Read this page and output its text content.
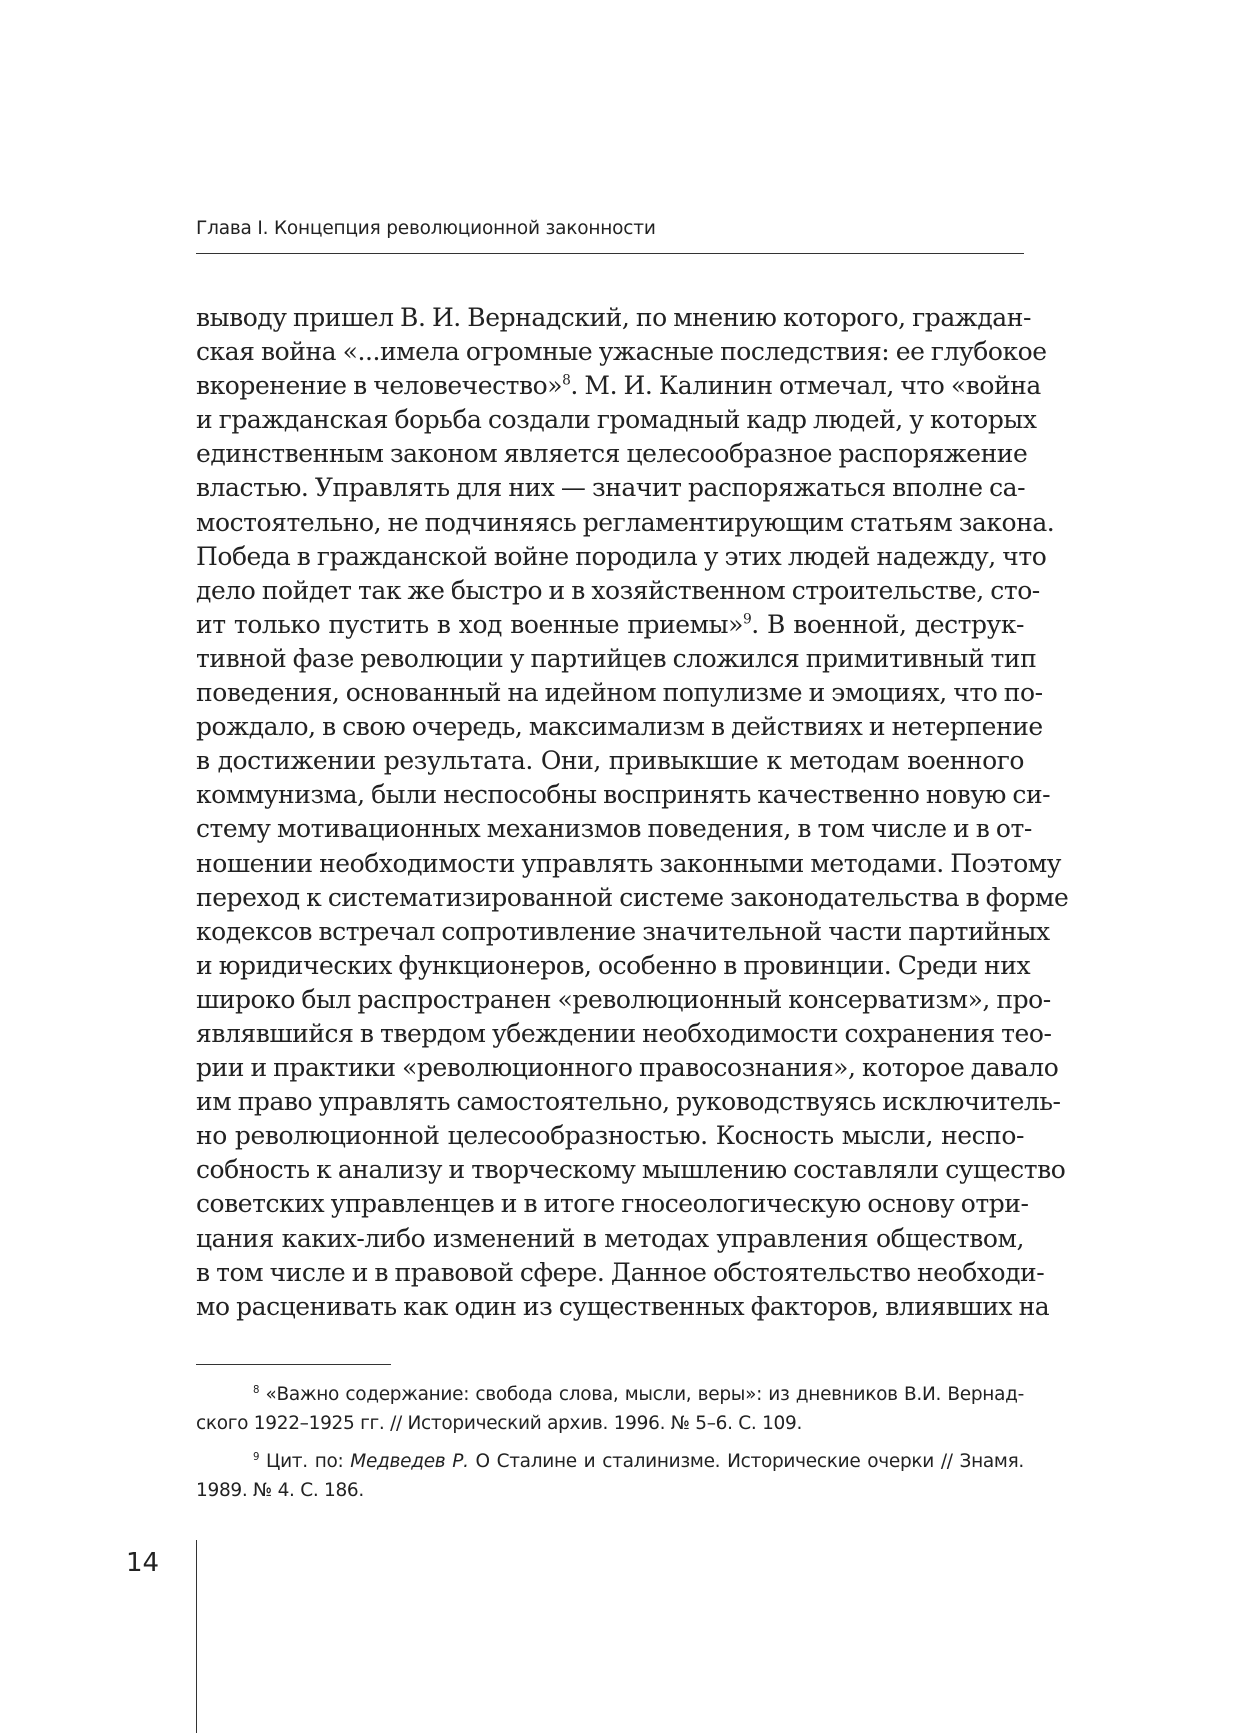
Глава I. Концепция революционной законности
выводу пришел В. И. Вернадский, по мнению которого, граждан-
ская война «...имела огромные ужасные последствия: ее глубокое
вкоренение в человечество»$^8$. М. И. Калинин отмечал, что «война
и гражданская борьба создали громадный кадр людей, у которых
единственным законом является целесообразное распоряжение
властью. Управлять для них — значит распоряжаться вполне са-
мостоятельно, не подчиняясь регламентирующим статьям закона.
Победа в гражданской войне породила у этих людей надежду, что
дело пойдет так же быстро и в хозяйственном строительстве, сто-
ит только пустить в ход военные приемы»$^9$. В военной, деструк-
тивной фазе революции у партийцев сложился примитивный тип
поведения, основанный на идейном популизме и эмоциях, что по-
рождало, в свою очередь, максимализм в действиях и нетерпение
в достижении результата. Они, привыкшие к методам военного
коммунизма, были неспособны воспринять качественно новую си-
стему мотивационных механизмов поведения, в том числе и в от-
ношении необходимости управлять законными методами. Поэтому
переход к систематизированной системе законодательства в форме
кодексов встречал сопротивление значительной части партийных
и юридических функционеров, особенно в провинции. Среди них
широко был распространен «революционный консерватизм», про-
являвшийся в твердом убеждении необходимости сохранения тео-
рии и практики «революционного правосознания», которое давало
им право управлять самостоятельно, руководствуясь исключитель-
но революционной целесообразностью. Косность мысли, неспо-
собность к анализу и творческому мышлению составляли существо
советских управленцев и в итоге гносеологическую основу отри-
цания каких-либо изменений в методах управления обществом,
в том числе и в правовой сфере. Данное обстоятельство необходи-
мо расценивать как один из существенных факторов, влиявших на
$^8$ «Важно содержание: свобода слова, мысли, веры»: из дневников В.И. Вернад-
ского 1922–1925 гг. // Исторический архив. 1996. № 5–6. С. 109.
$^9$ Цит. по: Медведев Р. О Сталине и сталинизме. Исторические очерки // Знамя.
1989. № 4. С. 186.
14
